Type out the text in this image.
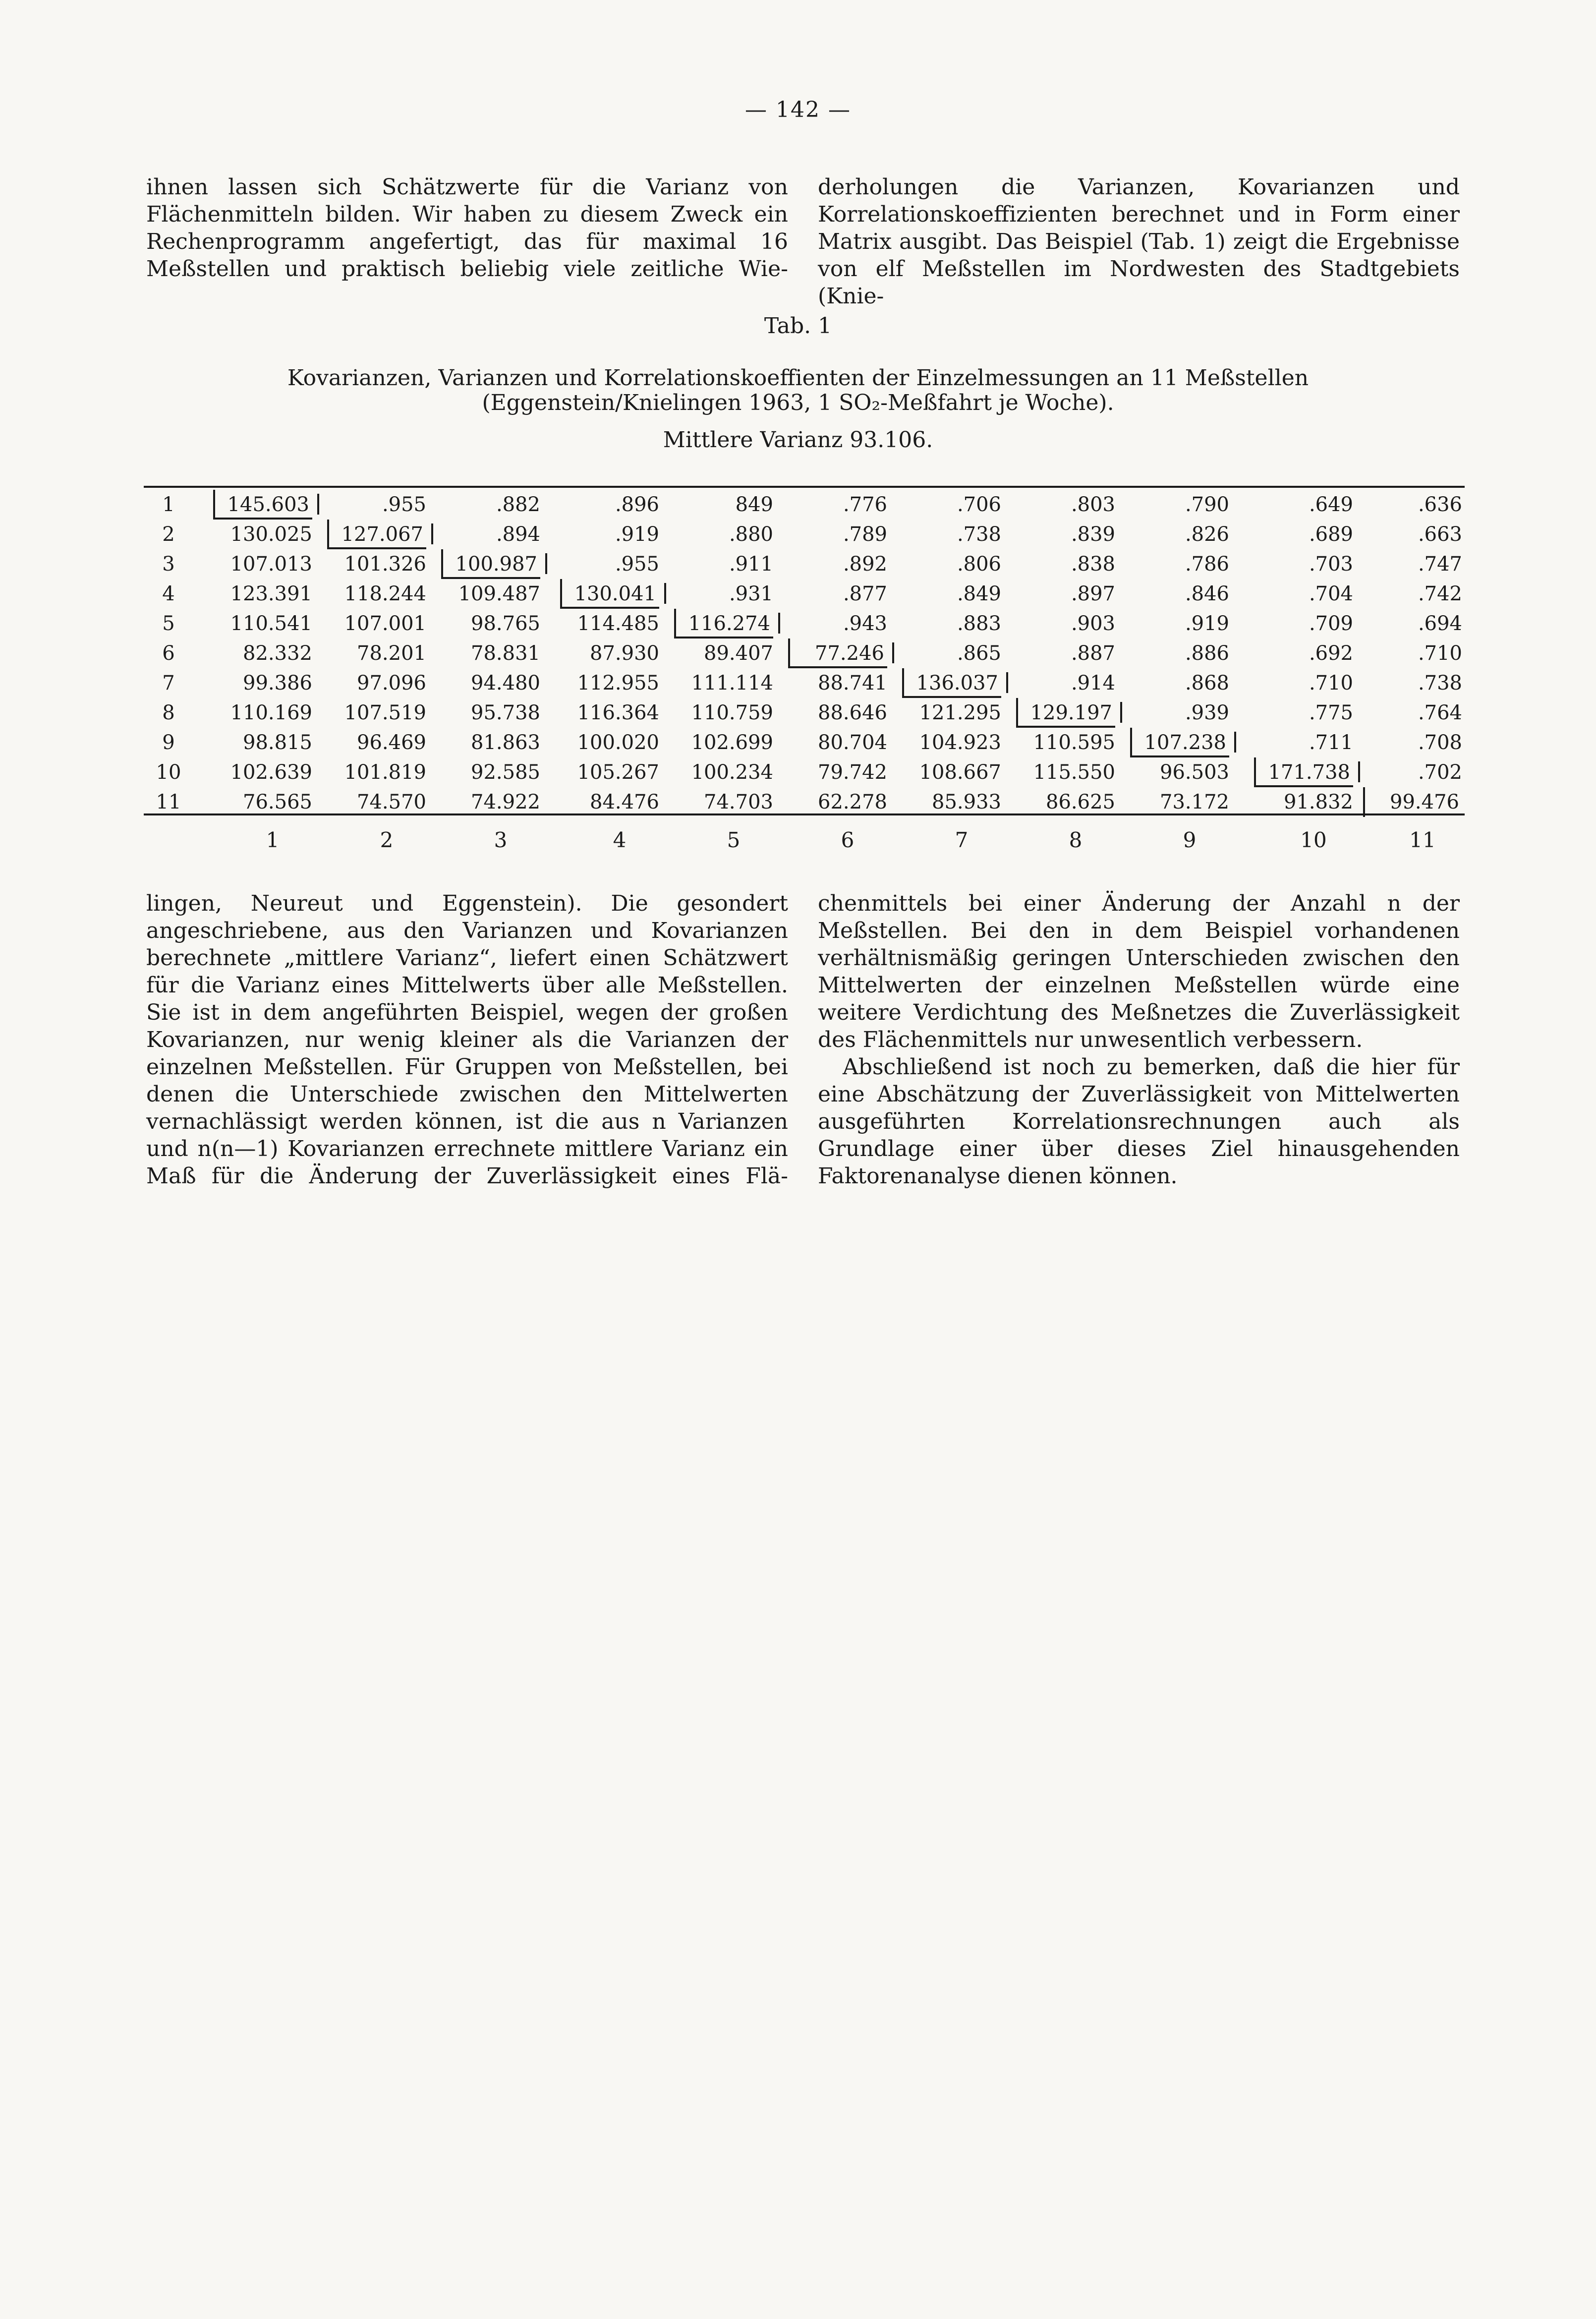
— 142 —

ihnen lassen sich Schätzwerte für die Varianz von Flächenmitteln bilden. Wir haben zu diesem Zweck ein Rechenprogramm angefertigt, das für maximal 16 Meßstellen und praktisch beliebig viele zeitliche Wie-

derholungen die Varianzen, Kovarianzen und Korrelationskoeffizienten berechnet und in Form einer Matrix ausgibt. Das Beispiel (Tab. 1) zeigt die Ergebnisse von elf Meßstellen im Nordwesten des Stadtgebiets (Knie-

Tab. 1
Kovarianzen, Varianzen und Korrelationskoeffienten der Einzelmessungen an 11 Meßstellen
(Eggenstein/Knielingen 1963, 1 SO₂-Meßfahrt je Woche).
Mittlere Varianz 93.106.
1	2	3	4	5	6	7	8	9	10	11
1	145.603	.955	.882	.896	849	.776	.706	.803	.790	.649	.636
2	130.025	127.067	.894	.919	.880	.789	.738	.839	.826	.689	.663
3	107.013	101.326	100.987	.955	.911	.892	.806	.838	.786	.703	.747
4	123.391	118.244	109.487	130.041	.931	.877	.849	.897	.846	.704	.742
5	110.541	107.001	98.765	114.485	116.274	.943	.883	.903	.919	.709	.694
6	82.332	78.201	78.831	87.930	89.407	77.246	.865	.887	.886	.692	.710
7	99.386	97.096	94.480	112.955	111.114	88.741	136.037	.914	.868	.710	.738
8	110.169	107.519	95.738	116.364	110.759	88.646	121.295	129.197	.939	.775	.764
9	98.815	96.469	81.863	100.020	102.699	80.704	104.923	110.595	107.238	.711	.708
10	102.639	101.819	92.585	105.267	100.234	79.742	108.667	115.550	96.503	171.738	.702
11	76.565	74.570	74.922	84.476	74.703	62.278	85.933	86.625	73.172	91.832	99.476

lingen, Neureut und Eggenstein). Die gesondert angeschriebene, aus den Varianzen und Kovarianzen berechnete „mittlere Varianz“, liefert einen Schätzwert für die Varianz eines Mittelwerts über alle Meßstellen. Sie ist in dem angeführten Beispiel, wegen der großen Kovarianzen, nur wenig kleiner als die Varianzen der einzelnen Meßstellen. Für Gruppen von Meßstellen, bei denen die Unterschiede zwischen den Mittelwerten vernachlässigt werden können, ist die aus n Varianzen und n(n—1) Kovarianzen errechnete mittlere Varianz ein Maß für die Änderung der Zuverlässigkeit eines Flä-

chenmittels bei einer Änderung der Anzahl n der Meßstellen. Bei den in dem Beispiel vorhandenen verhältnismäßig geringen Unterschieden zwischen den Mittelwerten der einzelnen Meßstellen würde eine weitere Verdichtung des Meßnetzes die Zuverlässigkeit des Flächenmittels nur unwesentlich verbessern.

Abschließend ist noch zu bemerken, daß die hier für eine Abschätzung der Zuverlässigkeit von Mittelwerten ausgeführten Korrelationsrechnungen auch als Grundlage einer über dieses Ziel hinausgehenden Faktorenanalyse dienen können.
